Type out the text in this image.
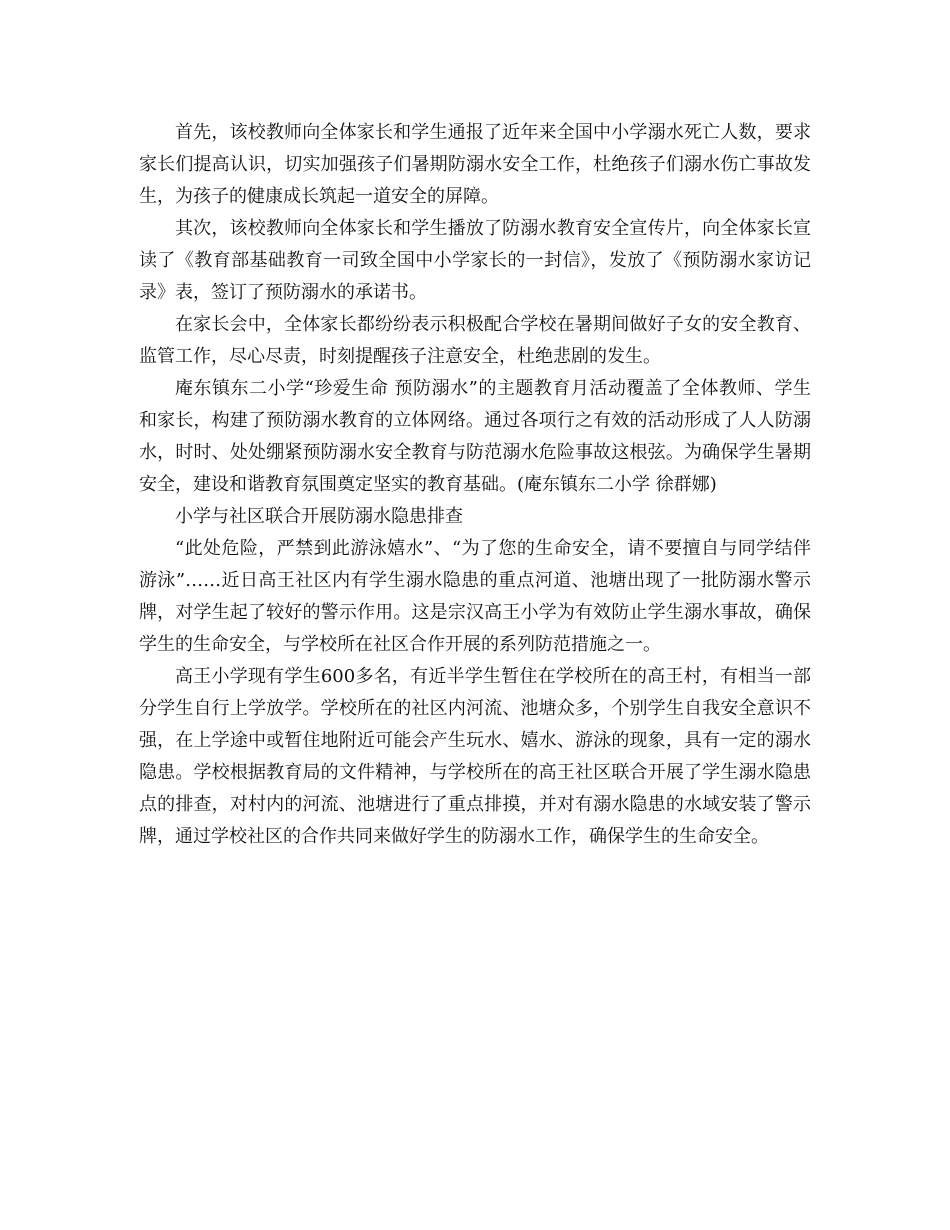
首先，该校教师向全体家长和学生通报了近年来全国中小学溺水死亡人数，要求家长们提高认识，切实加强孩子们暑期防溺水安全工作，杜绝孩子们溺水伤亡事故发生，为孩子的健康成长筑起一道安全的屏障。

其次，该校教师向全体家长和学生播放了防溺水教育安全宣传片，向全体家长宣读了《教育部基础教育一司致全国中小学家长的一封信》，发放了《预防溺水家访记录》表，签订了预防溺水的承诺书。

在家长会中，全体家长都纷纷表示积极配合学校在暑期间做好子女的安全教育、监管工作，尽心尽责，时刻提醒孩子注意安全，杜绝悲剧的发生。

庵东镇东二小学“珍爱生命 预防溺水”的主题教育月活动覆盖了全体教师、学生和家长，构建了预防溺水教育的立体网络。通过各项行之有效的活动形成了人人防溺水，时时、处处绷紧预防溺水安全教育与防范溺水危险事故这根弦。为确保学生暑期安全，建设和谐教育氛围奠定坚实的教育基础。(庵东镇东二小学 徐群娜)

小学与社区联合开展防溺水隐患排查

“此处危险，严禁到此游泳嬉水”、“为了您的生命安全，请不要擅自与同学结伴游泳”……近日高王社区内有学生溺水隐患的重点河道、池塘出现了一批防溺水警示牌，对学生起了较好的警示作用。这是宗汉高王小学为有效防止学生溺水事故，确保学生的生命安全，与学校所在社区合作开展的系列防范措施之一。

高王小学现有学生600多名，有近半学生暂住在学校所在的高王村，有相当一部分学生自行上学放学。学校所在的社区内河流、池塘众多，个别学生自我安全意识不强，在上学途中或暂住地附近可能会产生玩水、嬉水、游泳的现象，具有一定的溺水隐患。学校根据教育局的文件精神，与学校所在的高王社区联合开展了学生溺水隐患点的排查，对村内的河流、池塘进行了重点排摸，并对有溺水隐患的水域安装了警示牌，通过学校社区的合作共同来做好学生的防溺水工作，确保学生的生命安全。
